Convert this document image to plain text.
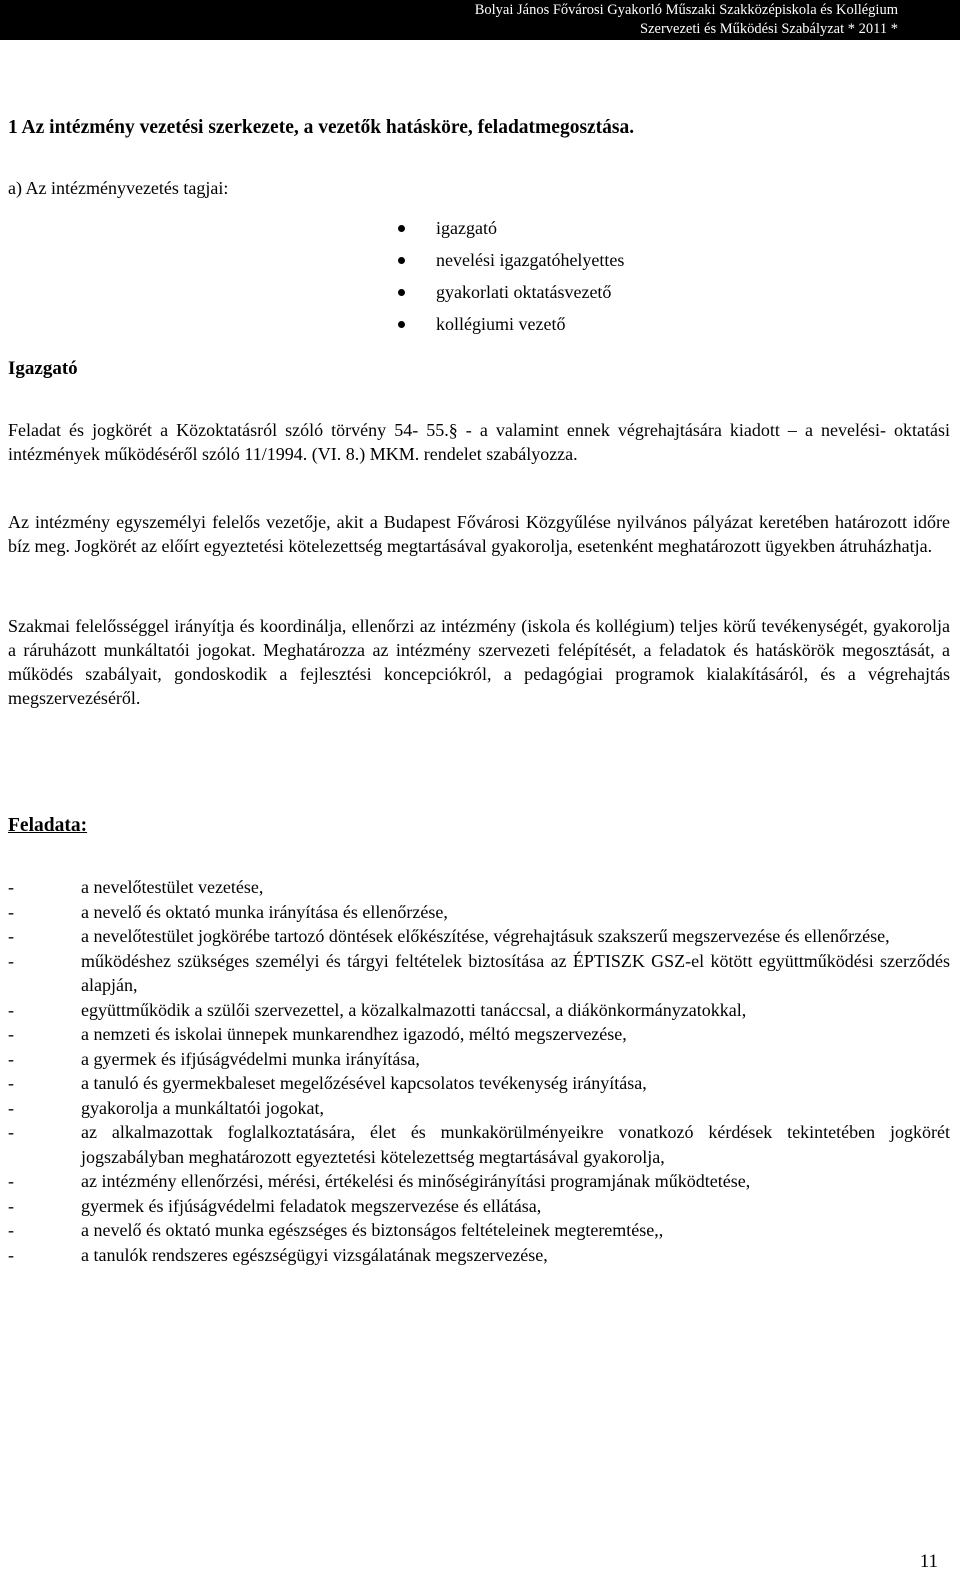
Bolyai János Fővárosi Gyakorló Műszaki Szakközépiskola és Kollégium
Szervezeti és Működési Szabályzat * 2011 *
1 Az intézmény vezetési szerkezete, a vezetők hatásköre, feladatmegosztása.

a) Az intézményvezetés tagjai:

igazgató
nevelési igazgatóhelyettes
gyakorlati oktatásvezető
kollégiumi vezető
Igazgató

Feladat és jogkörét a Közoktatásról szóló törvény 54- 55.§ - a valamint ennek végrehajtására kiadott – a nevelési- oktatási intézmények működéséről szóló 11/1994. (VI. 8.) MKM. rendelet szabályozza.

Az intézmény egyszemélyi felelős vezetője, akit a Budapest Fővárosi Közgyűlése nyilvános pályázat keretében határozott időre bíz meg. Jogkörét az előírt egyeztetési kötelezettség megtartásával gyakorolja, esetenként meghatározott ügyekben átruházhatja.

Szakmai felelősséggel irányítja és koordinálja, ellenőrzi az intézmény (iskola és kollégium) teljes körű tevékenységét, gyakorolja a ráruházott munkáltatói jogokat. Meghatározza az intézmény szervezeti felépítését, a feladatok és hatáskörök megosztását, a működés szabályait, gondoskodik a fejlesztési koncepciókról, a pedagógiai programok kialakításáról, és a végrehajtás megszervezéséről.

Feladata:
-	a nevelőtestület vezetése,
-	a nevelő és oktató munka irányítása és ellenőrzése,
-	a nevelőtestület jogkörébe tartozó döntések előkészítése, végrehajtásuk szakszerű megszervezése és ellenőrzése,
-	működéshez szükséges személyi és tárgyi feltételek biztosítása az ÉPTISZK GSZ-el kötött együttműködési szerződés alapján,
-	együttműködik a szülői szervezettel, a közalkalmazotti tanáccsal, a diákönkormányzatokkal,
-	a nemzeti és iskolai ünnepek munkarendhez igazodó, méltó megszervezése,
-	a gyermek és ifjúságvédelmi munka irányítása,
-	a tanuló és gyermekbaleset megelőzésével kapcsolatos tevékenység irányítása,
-	gyakorolja a munkáltatói jogokat,
-	az alkalmazottak foglalkoztatására, élet és munkakörülményeikre vonatkozó kérdések tekintetében jogkörét jogszabályban meghatározott egyeztetési kötelezettség megtartásával gyakorolja,
-	az intézmény ellenőrzési, mérési, értékelési és minőségirányítási programjának működtetése,
-	gyermek és ifjúságvédelmi feladatok megszervezése és ellátása,
-	a nevelő és oktató munka egészséges és biztonságos feltételeinek megteremtése,,
-	a tanulók rendszeres egészségügyi vizsgálatának megszervezése,

11
